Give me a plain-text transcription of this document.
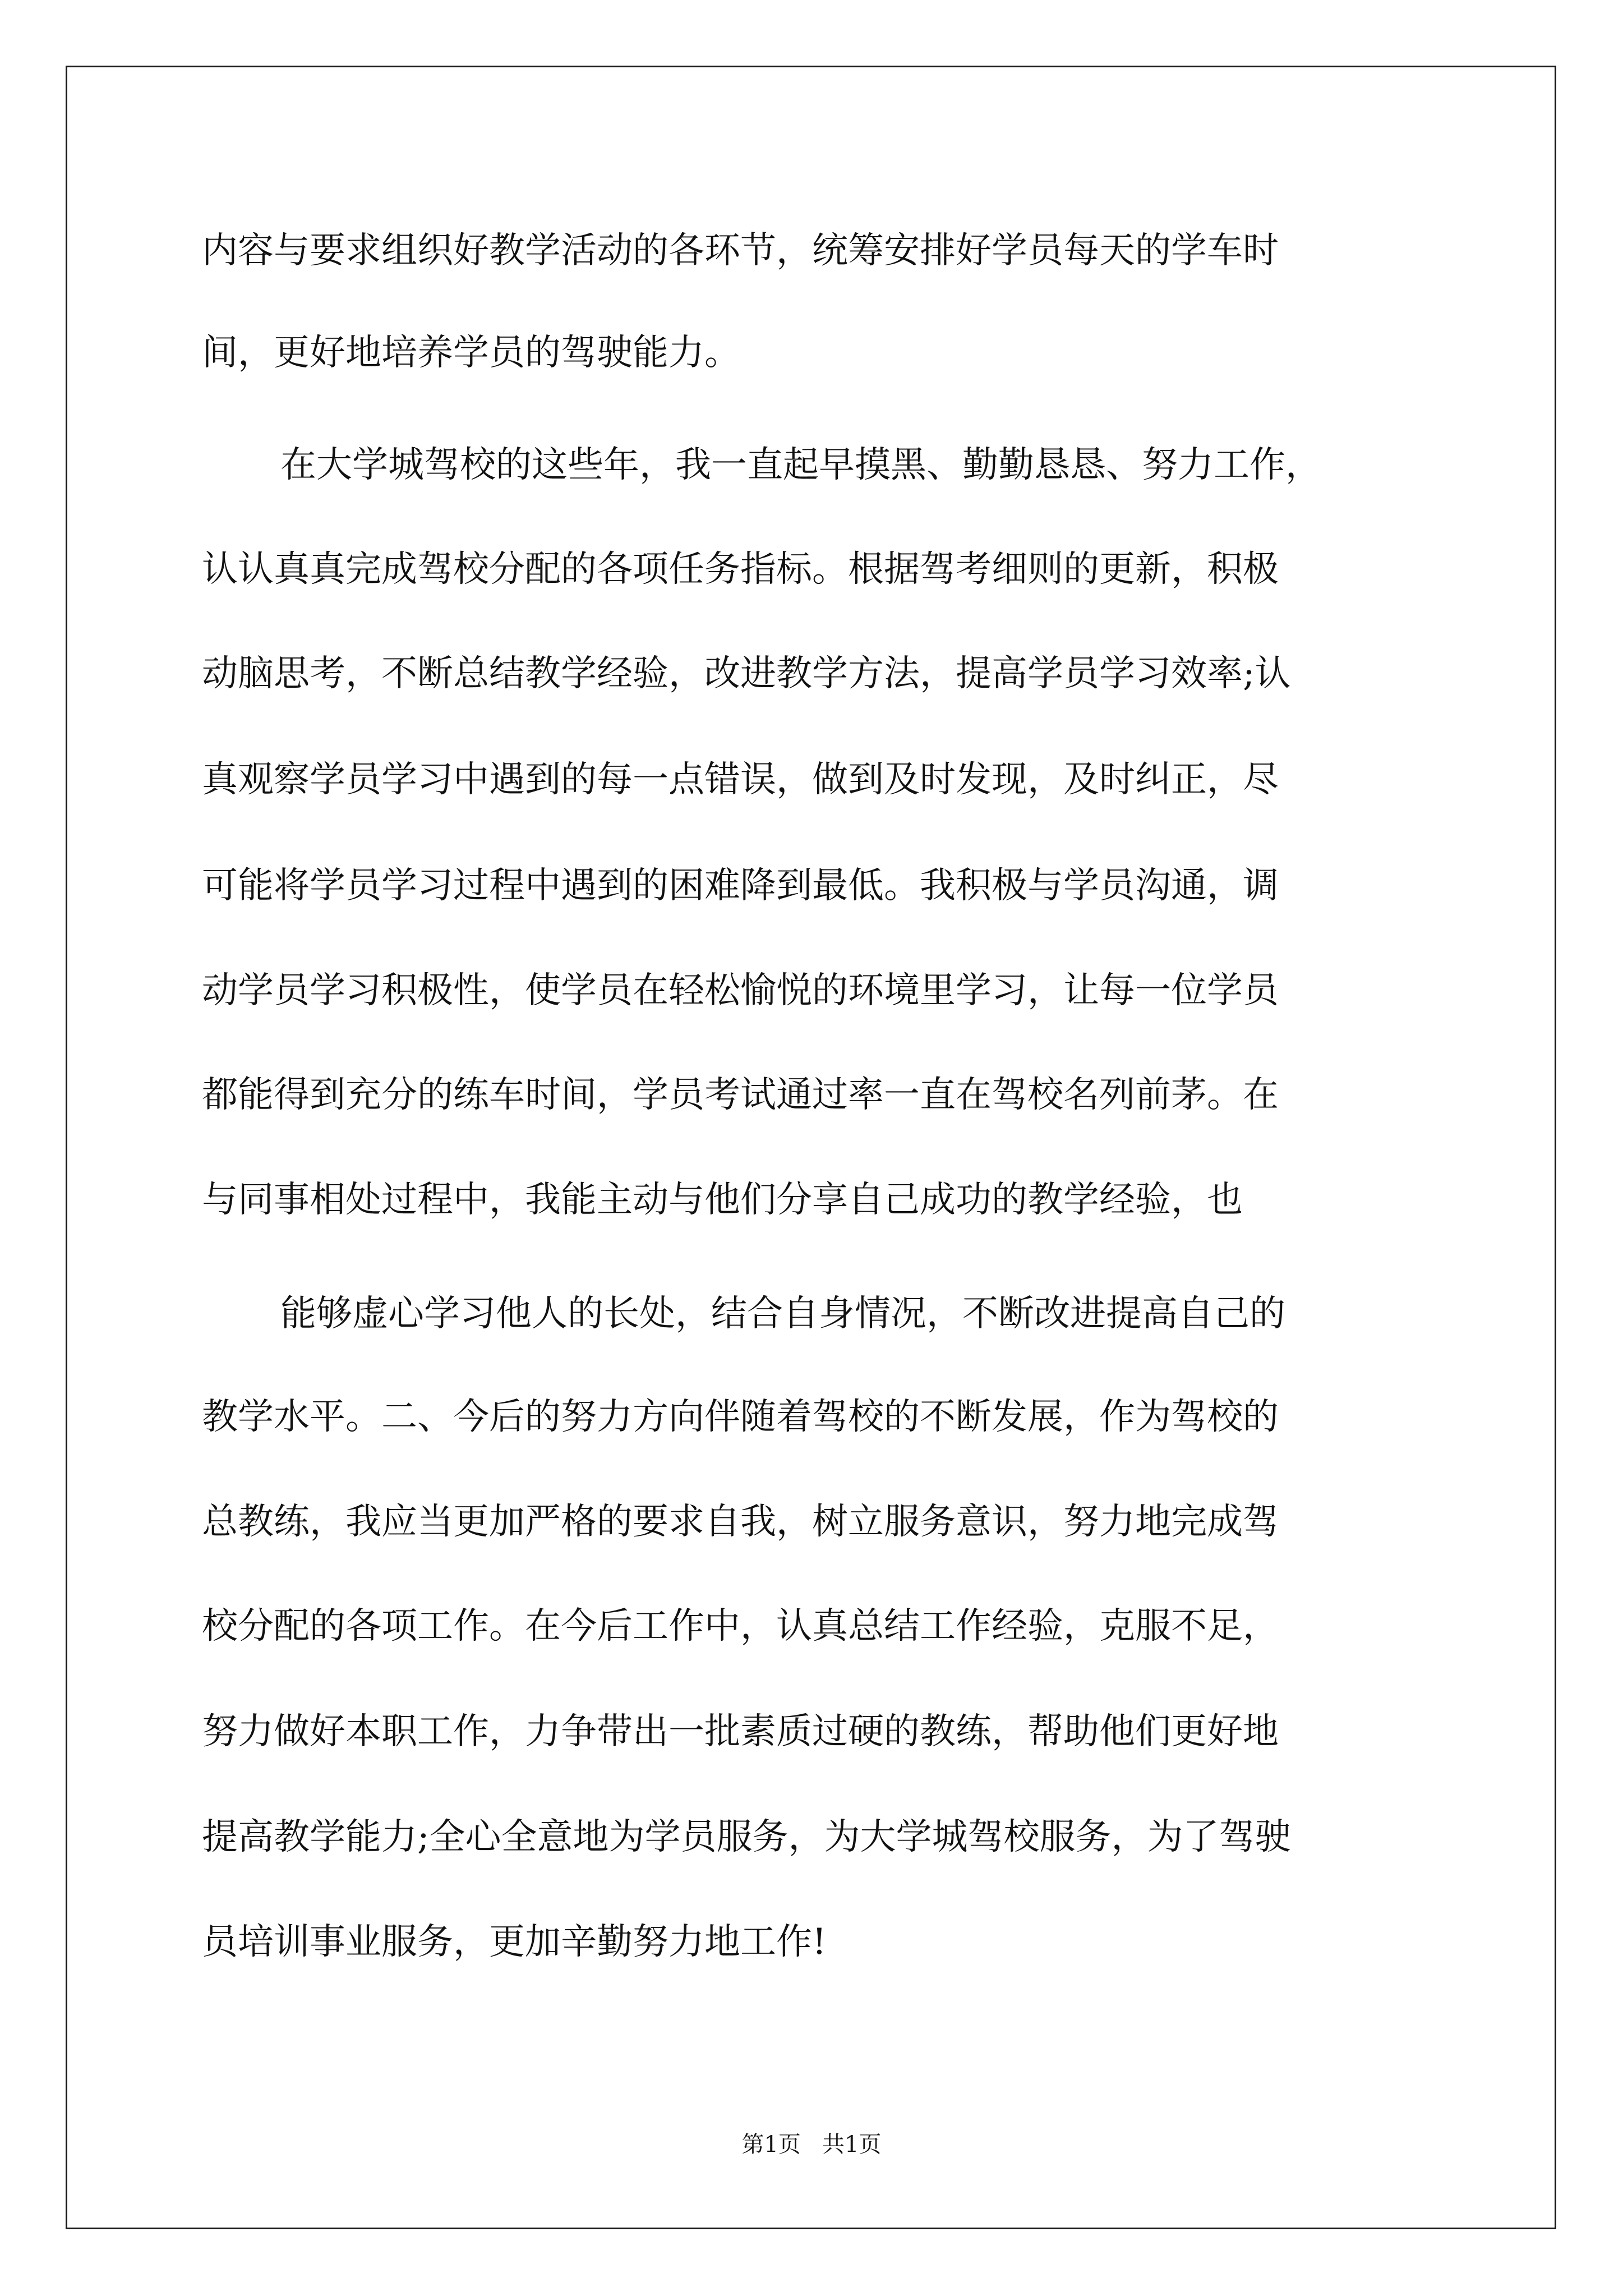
内容与要求组织好教学活动的各环节，统筹安排好学员每天的学车时
间，更好地培养学员的驾驶能力。
在大学城驾校的这些年，我一直起早摸黑、勤勤恳恳、努力工作，
认认真真完成驾校分配的各项任务指标。根据驾考细则的更新，积极
动脑思考，不断总结教学经验，改进教学方法，提高学员学习效率;认
真观察学员学习中遇到的每一点错误，做到及时发现，及时纠正，尽
可能将学员学习过程中遇到的困难降到最低。我积极与学员沟通，调
动学员学习积极性，使学员在轻松愉悦的环境里学习，让每一位学员
都能得到充分的练车时间，学员考试通过率一直在驾校名列前茅。在
与同事相处过程中，我能主动与他们分享自己成功的教学经验，也
能够虚心学习他人的长处，结合自身情况，不断改进提高自己的
教学水平。二、今后的努力方向伴随着驾校的不断发展，作为驾校的
总教练，我应当更加严格的要求自我，树立服务意识，努力地完成驾
校分配的各项工作。在今后工作中，认真总结工作经验，克服不足，
努力做好本职工作，力争带出一批素质过硬的教练，帮助他们更好地
提高教学能力;全心全意地为学员服务，为大学城驾校服务，为了驾驶
员培训事业服务，更加辛勤努力地工作!
第1页   共1页
